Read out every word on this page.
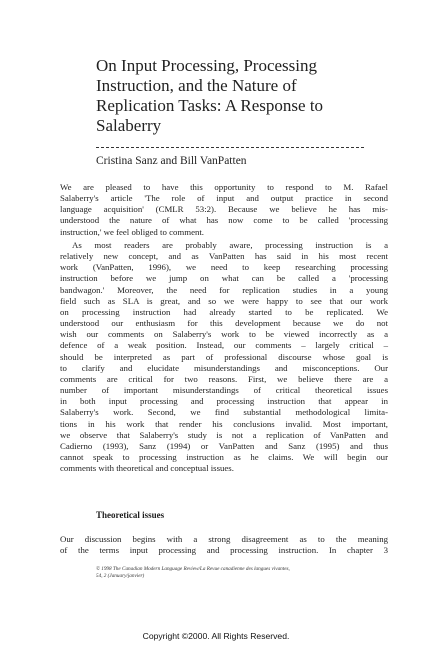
On Input Processing, Processing
Instruction, and the Nature of
Replication Tasks: A Response to
Salaberry
Cristina Sanz and Bill VanPatten
We are pleased to have this opportunity to respond to M. Rafael
Salaberry's article 'The role of input and output practice in second
language acquisition' (CMLR 53:2). Because we believe he has mis-
understood the nature of what has now come to be called 'processing
instruction,' we feel obliged to comment.
As most readers are probably aware, processing instruction is a
relatively new concept, and as VanPatten has said in his most recent
work (VanPatten, 1996), we need to keep researching processing
instruction before we jump on what can be called a 'processing
bandwagon.' Moreover, the need for replication studies in a young
field such as SLA is great, and so we were happy to see that our work
on processing instruction had already started to be replicated. We
understood our enthusiasm for this development because we do not
wish our comments on Salaberry's work to be viewed incorrectly as a
defence of a weak position. Instead, our comments – largely critical –
should be interpreted as part of professional discourse whose goal is
to clarify and elucidate misunderstandings and misconceptions. Our
comments are critical for two reasons. First, we believe there are a
number of important misunderstandings of critical theoretical issues
in both input processing and processing instruction that appear in
Salaberry's work. Second, we find substantial methodological limita-
tions in his work that render his conclusions invalid. Most important,
we observe that Salaberry's study is not a replication of VanPatten and
Cadierno (1993), Sanz (1994) or VanPatten and Sanz (1995) and thus
cannot speak to processing instruction as he claims. We will begin our
comments with theoretical and conceptual issues.
Theoretical issues
Our discussion begins with a strong disagreement as to the meaning
of the terms input processing and processing instruction. In chapter 3
© 1998 The Canadian Modern Language Review/La Revue canadienne des langues vivantes,
54, 2 (January/janvier)
Copyright ©2000. All Rights Reserved.
